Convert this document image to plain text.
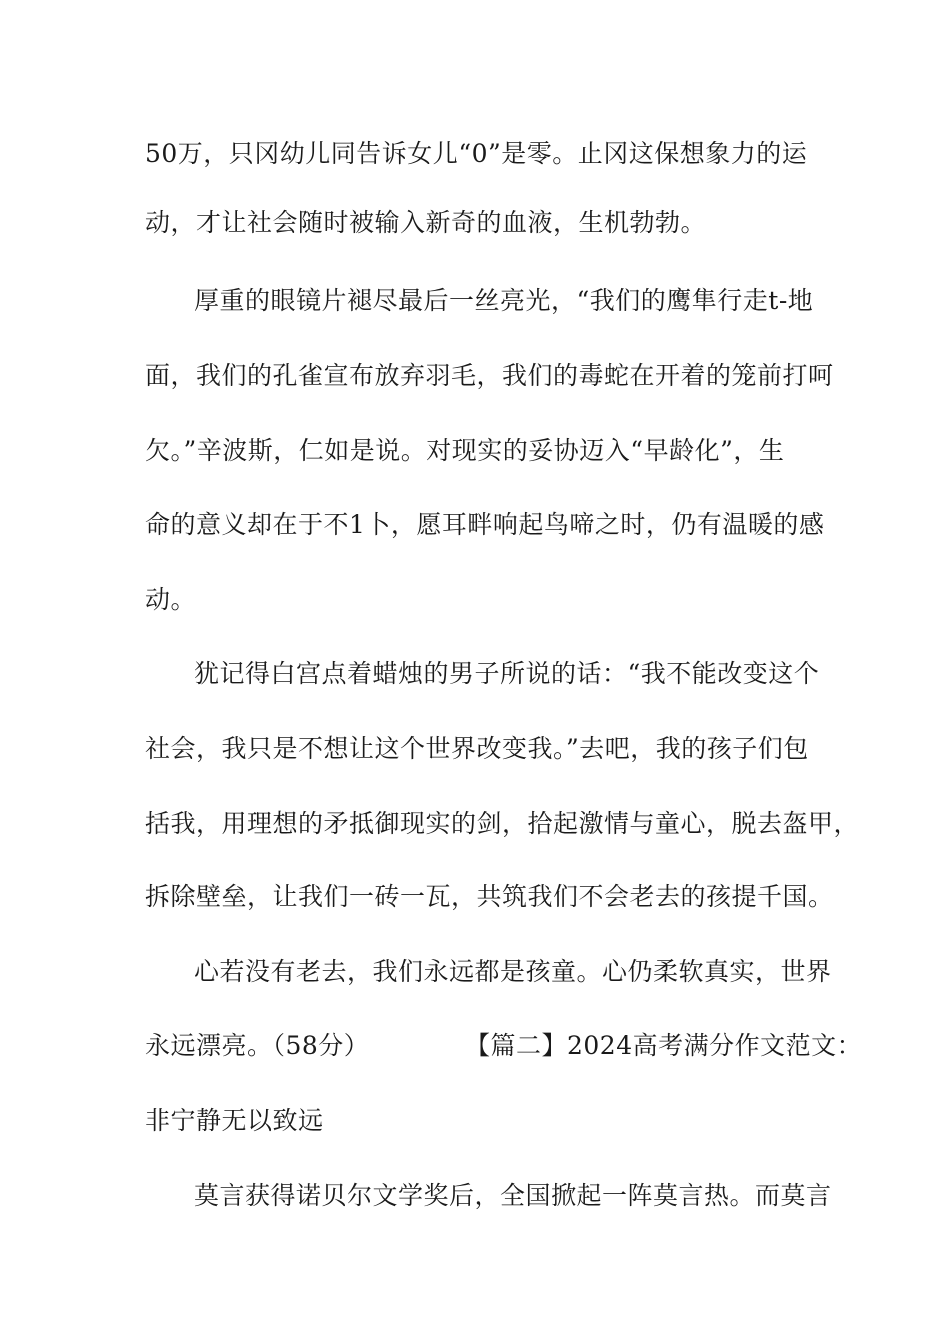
50万，只冈幼儿同告诉女儿“0”是零。止冈这保想象力的运
动，才让社会随时被输入新奇的血液，生机勃勃。
厚重的眼镜片褪尽最后一丝亮光，“我们的鹰隼行走t-地
面，我们的孔雀宣布放弃羽毛，我们的毒蛇在开着的笼前打呵
欠。”辛波斯，仁如是说。对现实的妥协迈入“早龄化”，生
命的意义却在于不1卜，愿耳畔响起鸟啼之时，仍有温暖的感
动。
犹记得白宫点着蜡烛的男子所说的话：“我不能改变这个
社会，我只是不想让这个世界改变我。”去吧，我的孩子们包
括我，用理想的矛抵御现实的剑，拾起激情与童心，脱去盔甲，
拆除壁垒，让我们一砖一瓦，共筑我们不会老去的孩提千国。
心若没有老去，我们永远都是孩童。心仍柔软真实，世界
永远漂亮。（58分）	【篇二】2024高考满分作文范文：
非宁静无以致远
莫言获得诺贝尔文学奖后，全国掀起一阵莫言热。而莫言
